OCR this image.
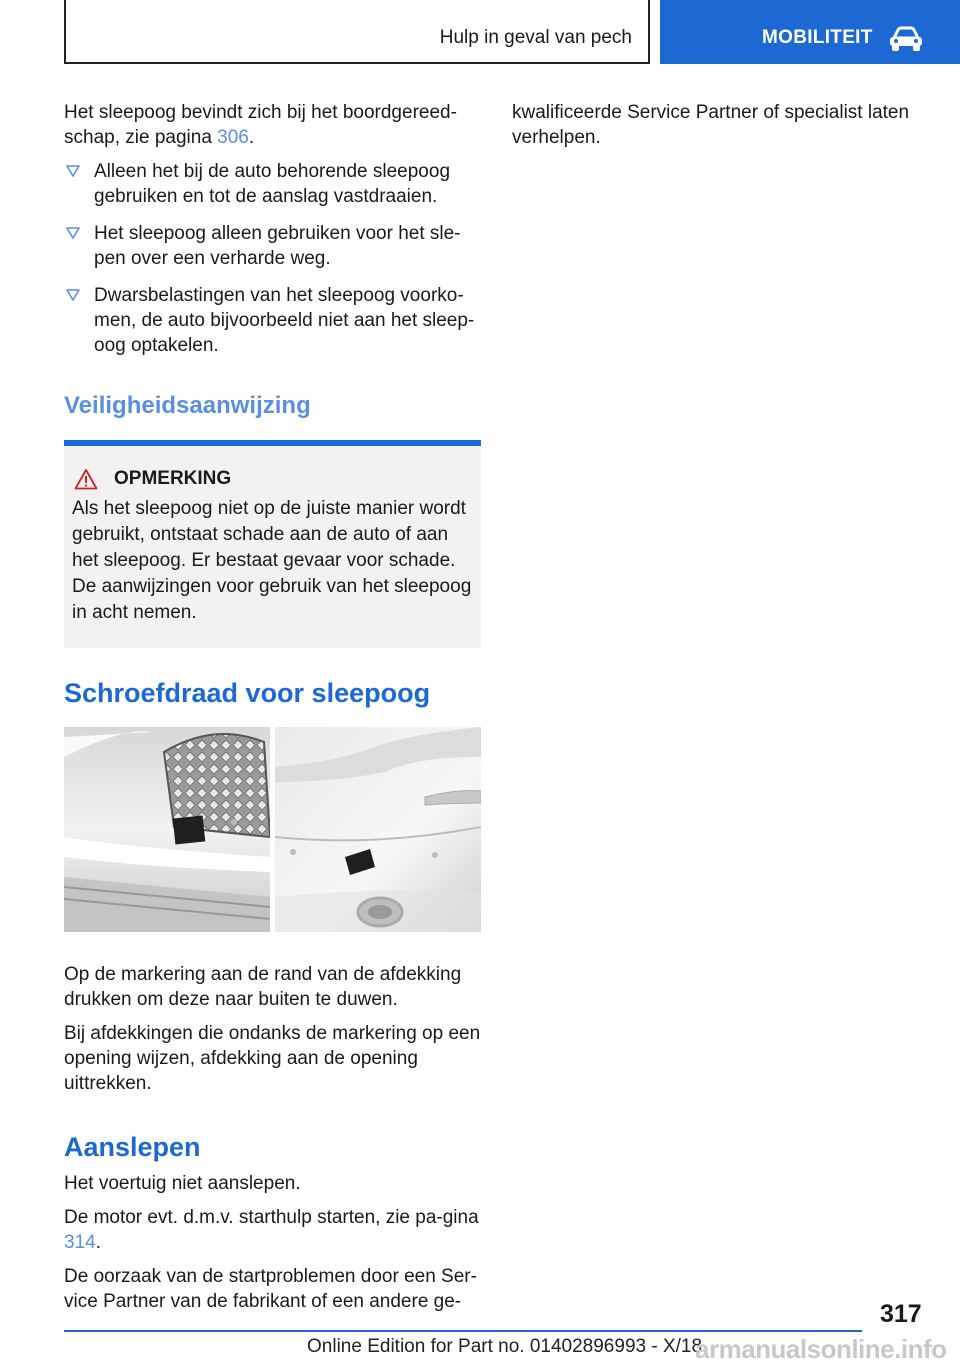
Hulp in geval van pech	MOBILITEIT

Het sleepoog bevindt zich bij het boordgereed-schap, zie pagina 306.

Alleen het bij de auto behorende sleepoog gebruiken en tot de aanslag vastdraaien.
Het sleepoog alleen gebruiken voor het sle-pen over een verharde weg.
Dwarsbelastingen van het sleepoog voorko-men, de auto bijvoorbeeld niet aan het sleep-oog optakelen.
Veiligheidsaanwijzing
OPMERKING

Als het sleepoog niet op de juiste manier wordt gebruikt, ontstaat schade aan de auto of aan het sleepoog. Er bestaat gevaar voor schade. De aanwijzingen voor gebruik van het sleepoog in acht nemen.

Schroefdraad voor sleepoog

Op de markering aan de rand van de afdekking drukken om deze naar buiten te duwen.

Bij afdekkingen die ondanks de markering op een opening wijzen, afdekking aan de opening uittrekken.

Aanslepen

Het voertuig niet aanslepen.

De motor evt. d.m.v. starthulp starten, zie pa-gina 314.

De oorzaak van de startproblemen door een Ser-vice Partner van de fabrikant of een andere ge-

kwalificeerde Service Partner of specialist laten verhelpen.

317
Online Edition for Part no. 01402896993 - X/18
armanualsonline.info
